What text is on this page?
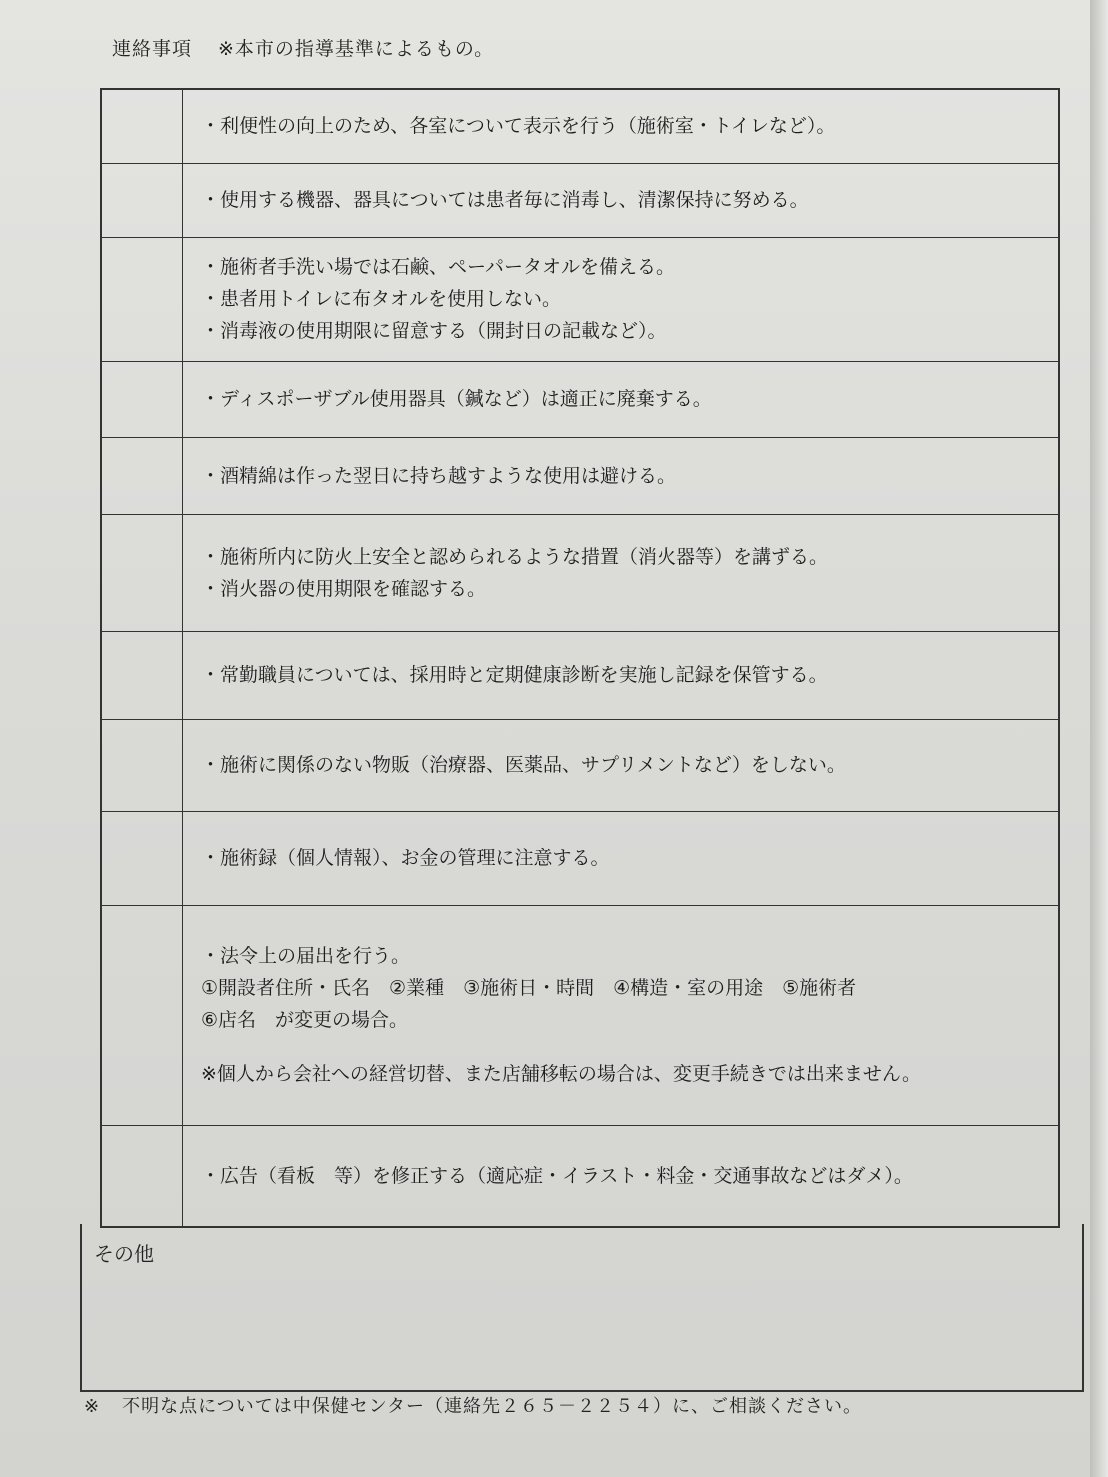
連絡事項 ※本市の指導基準によるもの。

	・利便性の向上のため、各室について表示を行う（施術室・トイレなど）。

	・使用する機器、器具については患者毎に消毒し、清潔保持に努める。

	・施術者手洗い場では石鹸、ペーパータオルを備える。
・患者用トイレに布タオルを使用しない。
・消毒液の使用期限に留意する（開封日の記載など）。

	・ディスポーザブル使用器具（鍼など）は適正に廃棄する。

	・酒精綿は作った翌日に持ち越すような使用は避ける。

	・施術所内に防火上安全と認められるような措置（消火器等）を講ずる。
・消火器の使用期限を確認する。

	・常勤職員については、採用時と定期健康診断を実施し記録を保管する。

	・施術に関係のない物販（治療器、医薬品、サプリメントなど）をしない。

	・施術録（個人情報）、お金の管理に注意する。

	・法令上の届出を行う。
①開設者住所・氏名　②業種　③施術日・時間　④構造・室の用途　⑤施術者
⑥店名　が変更の場合。
※個人から会社への経営切替、また店舗移転の場合は、変更手続きでは出来ません。

	・広告（看板　等）を修正する（適応症・イラスト・料金・交通事故などはダメ）。
その他
※ 不明な点については中保健センター（連絡先２６５－２２５４）に、ご相談ください。
